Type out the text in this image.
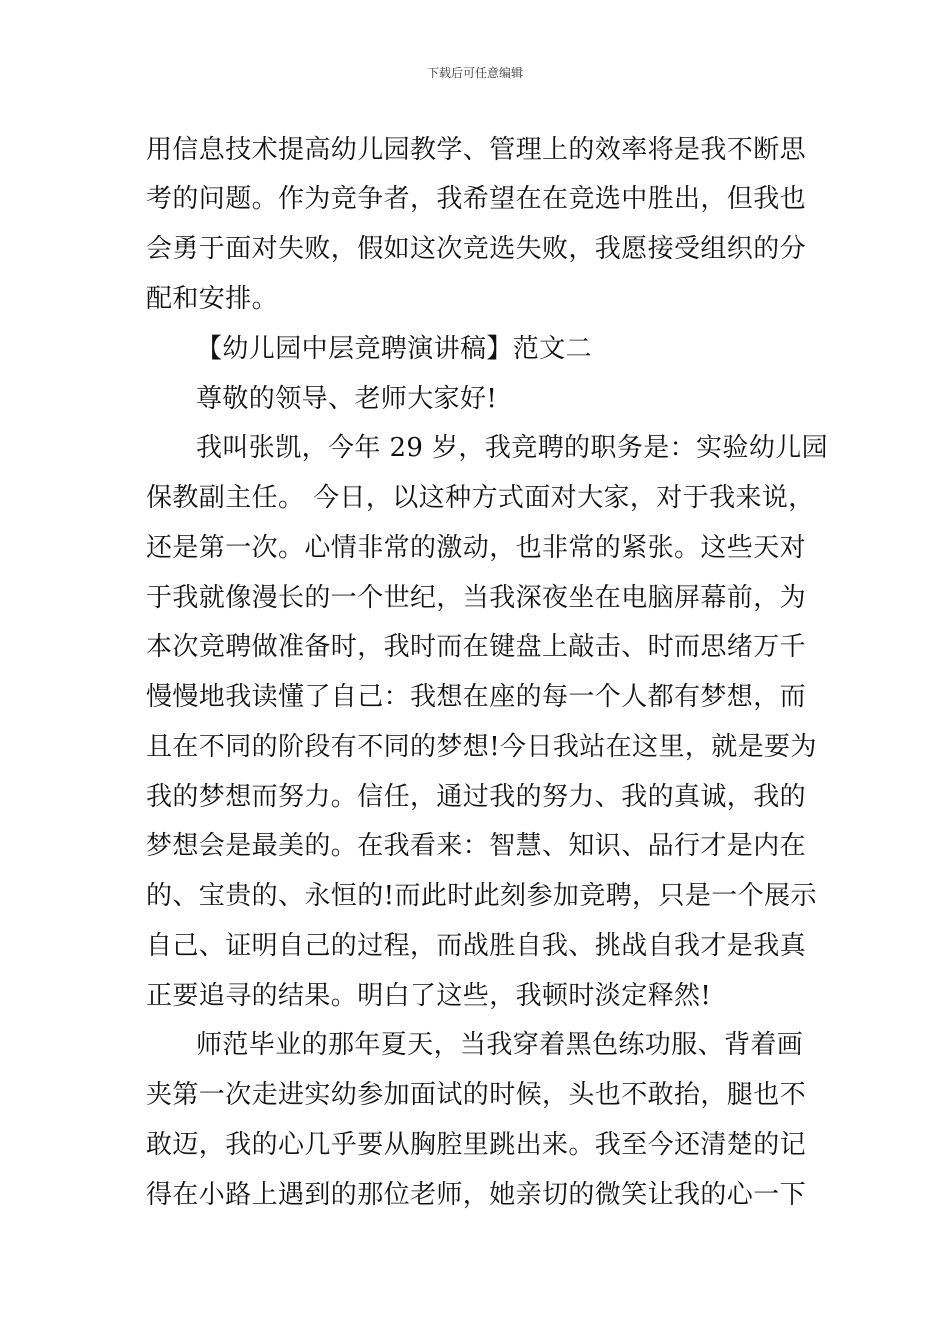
下载后可任意编辑
用信息技术提高幼儿园教学、管理上的效率将是我不断思
考的问题。作为竞争者，我希望在在竞选中胜出，但我也
会勇于面对失败，假如这次竞选失败，我愿接受组织的分
配和安排。
【幼儿园中层竞聘演讲稿】范文二
尊敬的领导、老师大家好!
我叫张凯，今年 29 岁，我竞聘的职务是：实验幼儿园
保教副主任。 今日，以这种方式面对大家，对于我来说，
还是第一次。心情非常的激动，也非常的紧张。这些天对
于我就像漫长的一个世纪，当我深夜坐在电脑屏幕前，为
本次竞聘做准备时，我时而在键盘上敲击、时而思绪万千
慢慢地我读懂了自己：我想在座的每一个人都有梦想，而
且在不同的阶段有不同的梦想!今日我站在这里，就是要为
我的梦想而努力。信任，通过我的努力、我的真诚，我的
梦想会是最美的。在我看来：智慧、知识、品行才是内在
的、宝贵的、永恒的!而此时此刻参加竞聘，只是一个展示
自己、证明自己的过程，而战胜自我、挑战自我才是我真
正要追寻的结果。明白了这些，我顿时淡定释然!
师范毕业的那年夏天，当我穿着黑色练功服、背着画
夹第一次走进实幼参加面试的时候，头也不敢抬，腿也不
敢迈，我的心几乎要从胸腔里跳出来。我至今还清楚的记
得在小路上遇到的那位老师，她亲切的微笑让我的心一下
